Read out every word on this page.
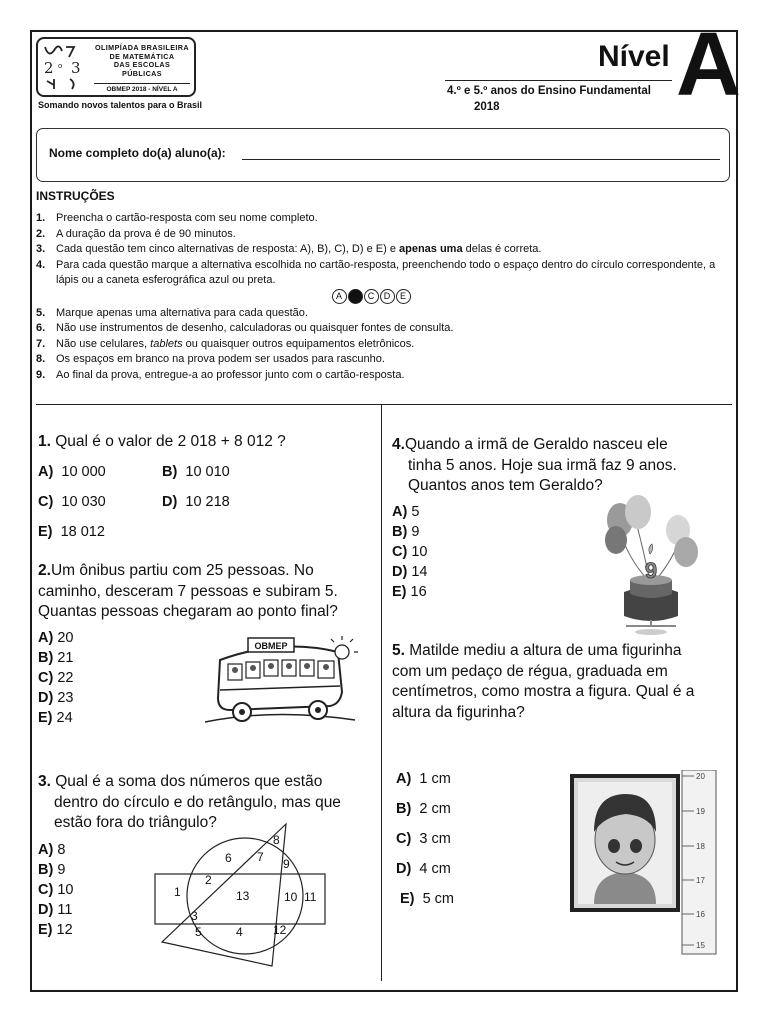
2 o 3
OLIMPÍADA BRASILEIRA
DE MATEMÁTICA
DAS ESCOLAS PÚBLICAS
OBMEP 2018 - NÍVEL A
Somando novos talentos para o Brasil
Nível A
4.º e 5.º anos do Ensino Fundamental
2018
Nome completo do(a) aluno(a):
INSTRUÇÕES
1. Preencha o cartão-resposta com seu nome completo.
2. A duração da prova é de 90 minutos.
3. Cada questão tem cinco alternativas de resposta: A), B), C), D) e E) e apenas uma delas é correta.
4. Para cada questão marque a alternativa escolhida no cartão-resposta, preenchendo todo o espaço dentro do círculo correspondente, a lápis ou a caneta esferográfica azul ou preta.
A	C D E
5. Marque apenas uma alternativa para cada questão.
6. Não use instrumentos de desenho, calculadoras ou quaisquer fontes de consulta.
7. Não use celulares, tablets ou quaisquer outros equipamentos eletrônicos.
8. Os espaços em branco na prova podem ser usados para rascunho.
9. Ao final da prova, entregue-a ao professor junto com o cartão-resposta.
1. Qual é o valor de 2 018 + 8 012 ?
A) 10 000	B) 10 010
C) 10 030	D) 10 218
E) 18 012
2.Um ônibus partiu com 25 pessoas. No
caminho, desceram 7 pessoas e subiram 5.
Quantas pessoas chegaram ao ponto final?
A) 20
B) 21
C) 22
D) 23
E) 24
OBMEP
3. Qual é a soma dos números que estão
dentro do círculo e do retângulo, mas que
estão fora do triângulo?
A) 8
B) 9
C) 10
D) 11
E) 12
1
2
3
4
5
6 7
8
9
10 11
12
13
4.Quando a irmã de Geraldo nasceu ele
tinha 5 anos. Hoje sua irmã faz 9 anos.
Quantos anos tem Geraldo?
A) 5
B) 9
C) 10
D) 14
E) 16
9
5. Matilde mediu a altura de uma figurinha
com um pedaço de régua, graduada em
centímetros, como mostra a figura. Qual é a
altura da figurinha?
A) 1 cm
B) 2 cm
C) 3 cm
D) 4 cm
E) 5 cm
20
19
18
17
16
15
